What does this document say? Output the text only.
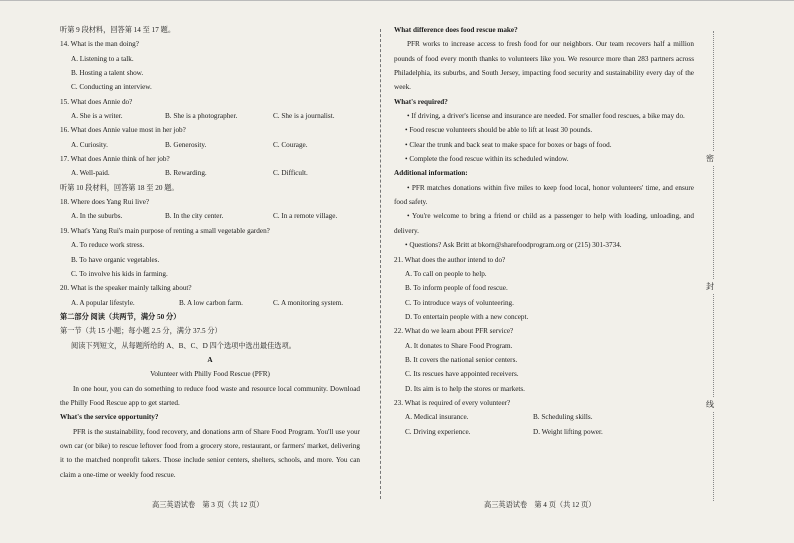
听第 9 段材料，回答第 14 至 17 题。
14. What is the man doing?
A. Listening to a talk.
B. Hosting a talent show.
C. Conducting an interview.
15. What does Annie do?
A. She is a writer.	B. She is a photographer.	C. She is a journalist.
16. What does Annie value most in her job?
A. Curiosity.	B. Generosity.	C. Courage.
17. What does Annie think of her job?
A. Well-paid.	B. Rewarding.	C. Difficult.
听第 10 段材料，回答第 18 至 20 题。
18. Where does Yang Rui live?
A. In the suburbs.	B. In the city center.	C. In a remote village.
19. What's Yang Rui's main purpose of renting a small vegetable garden?
A. To reduce work stress.
B. To have organic vegetables.
C. To involve his kids in farming.
20. What is the speaker mainly talking about?
A. A popular lifestyle.	B. A low carbon farm.	C. A monitoring system.
第二部分 阅读（共两节，满分 50 分）
第一节（共 15 小题；每小题 2.5 分，满分 37.5 分）
阅读下列短文，从每题所给的 A、B、C、D 四个选项中选出最佳选项。
A
Volunteer with Philly Food Rescue (PFR)
In one hour, you can do something to reduce food waste and resource local community. Download the Philly Food Rescue app to get started.
What's the service opportunity?
PFR is the sustainability, food recovery, and donations arm of Share Food Program. You'll use your own car (or bike) to rescue leftover food from a grocery store, restaurant, or farmers' market, delivering it to the matched nonprofit takers. Those include senior centers, shelters, schools, and more. You can claim a one-time or weekly food rescue.
高三英语试卷　第 3 页（共 12 页）
What difference does food rescue make?
PFR works to increase access to fresh food for our neighbors. Our team recovers half a million pounds of food every month thanks to volunteers like you. We resource more than 283 partners across Philadelphia, its suburbs, and South Jersey, impacting food security and sustainability every day of the week.
What's required?
• If driving, a driver's license and insurance are needed. For smaller food rescues, a bike may do.
• Food rescue volunteers should be able to lift at least 30 pounds.
• Clear the trunk and back seat to make space for boxes or bags of food.
• Complete the food rescue within its scheduled window.
Additional information:
• PFR matches donations within five miles to keep food local, honor volunteers' time, and ensure food safety.
• You're welcome to bring a friend or child as a passenger to help with loading, unloading, and delivery.
• Questions? Ask Britt at bkorn@sharefoodprogram.org or (215) 301-3734.
21. What does the author intend to do?
A. To call on people to help.
B. To inform people of food rescue.
C. To introduce ways of volunteering.
D. To entertain people with a new concept.
22. What do we learn about PFR service?
A. It donates to Share Food Program.
B. It covers the national senior centers.
C. Its rescues have appointed receivers.
D. Its aim is to help the stores or markets.
23. What is required of every volunteer?
A. Medical insurance.	B. Scheduling skills.
C. Driving experience.	D. Weight lifting power.
高三英语试卷　第 4 页（共 12 页）
密
封
线
